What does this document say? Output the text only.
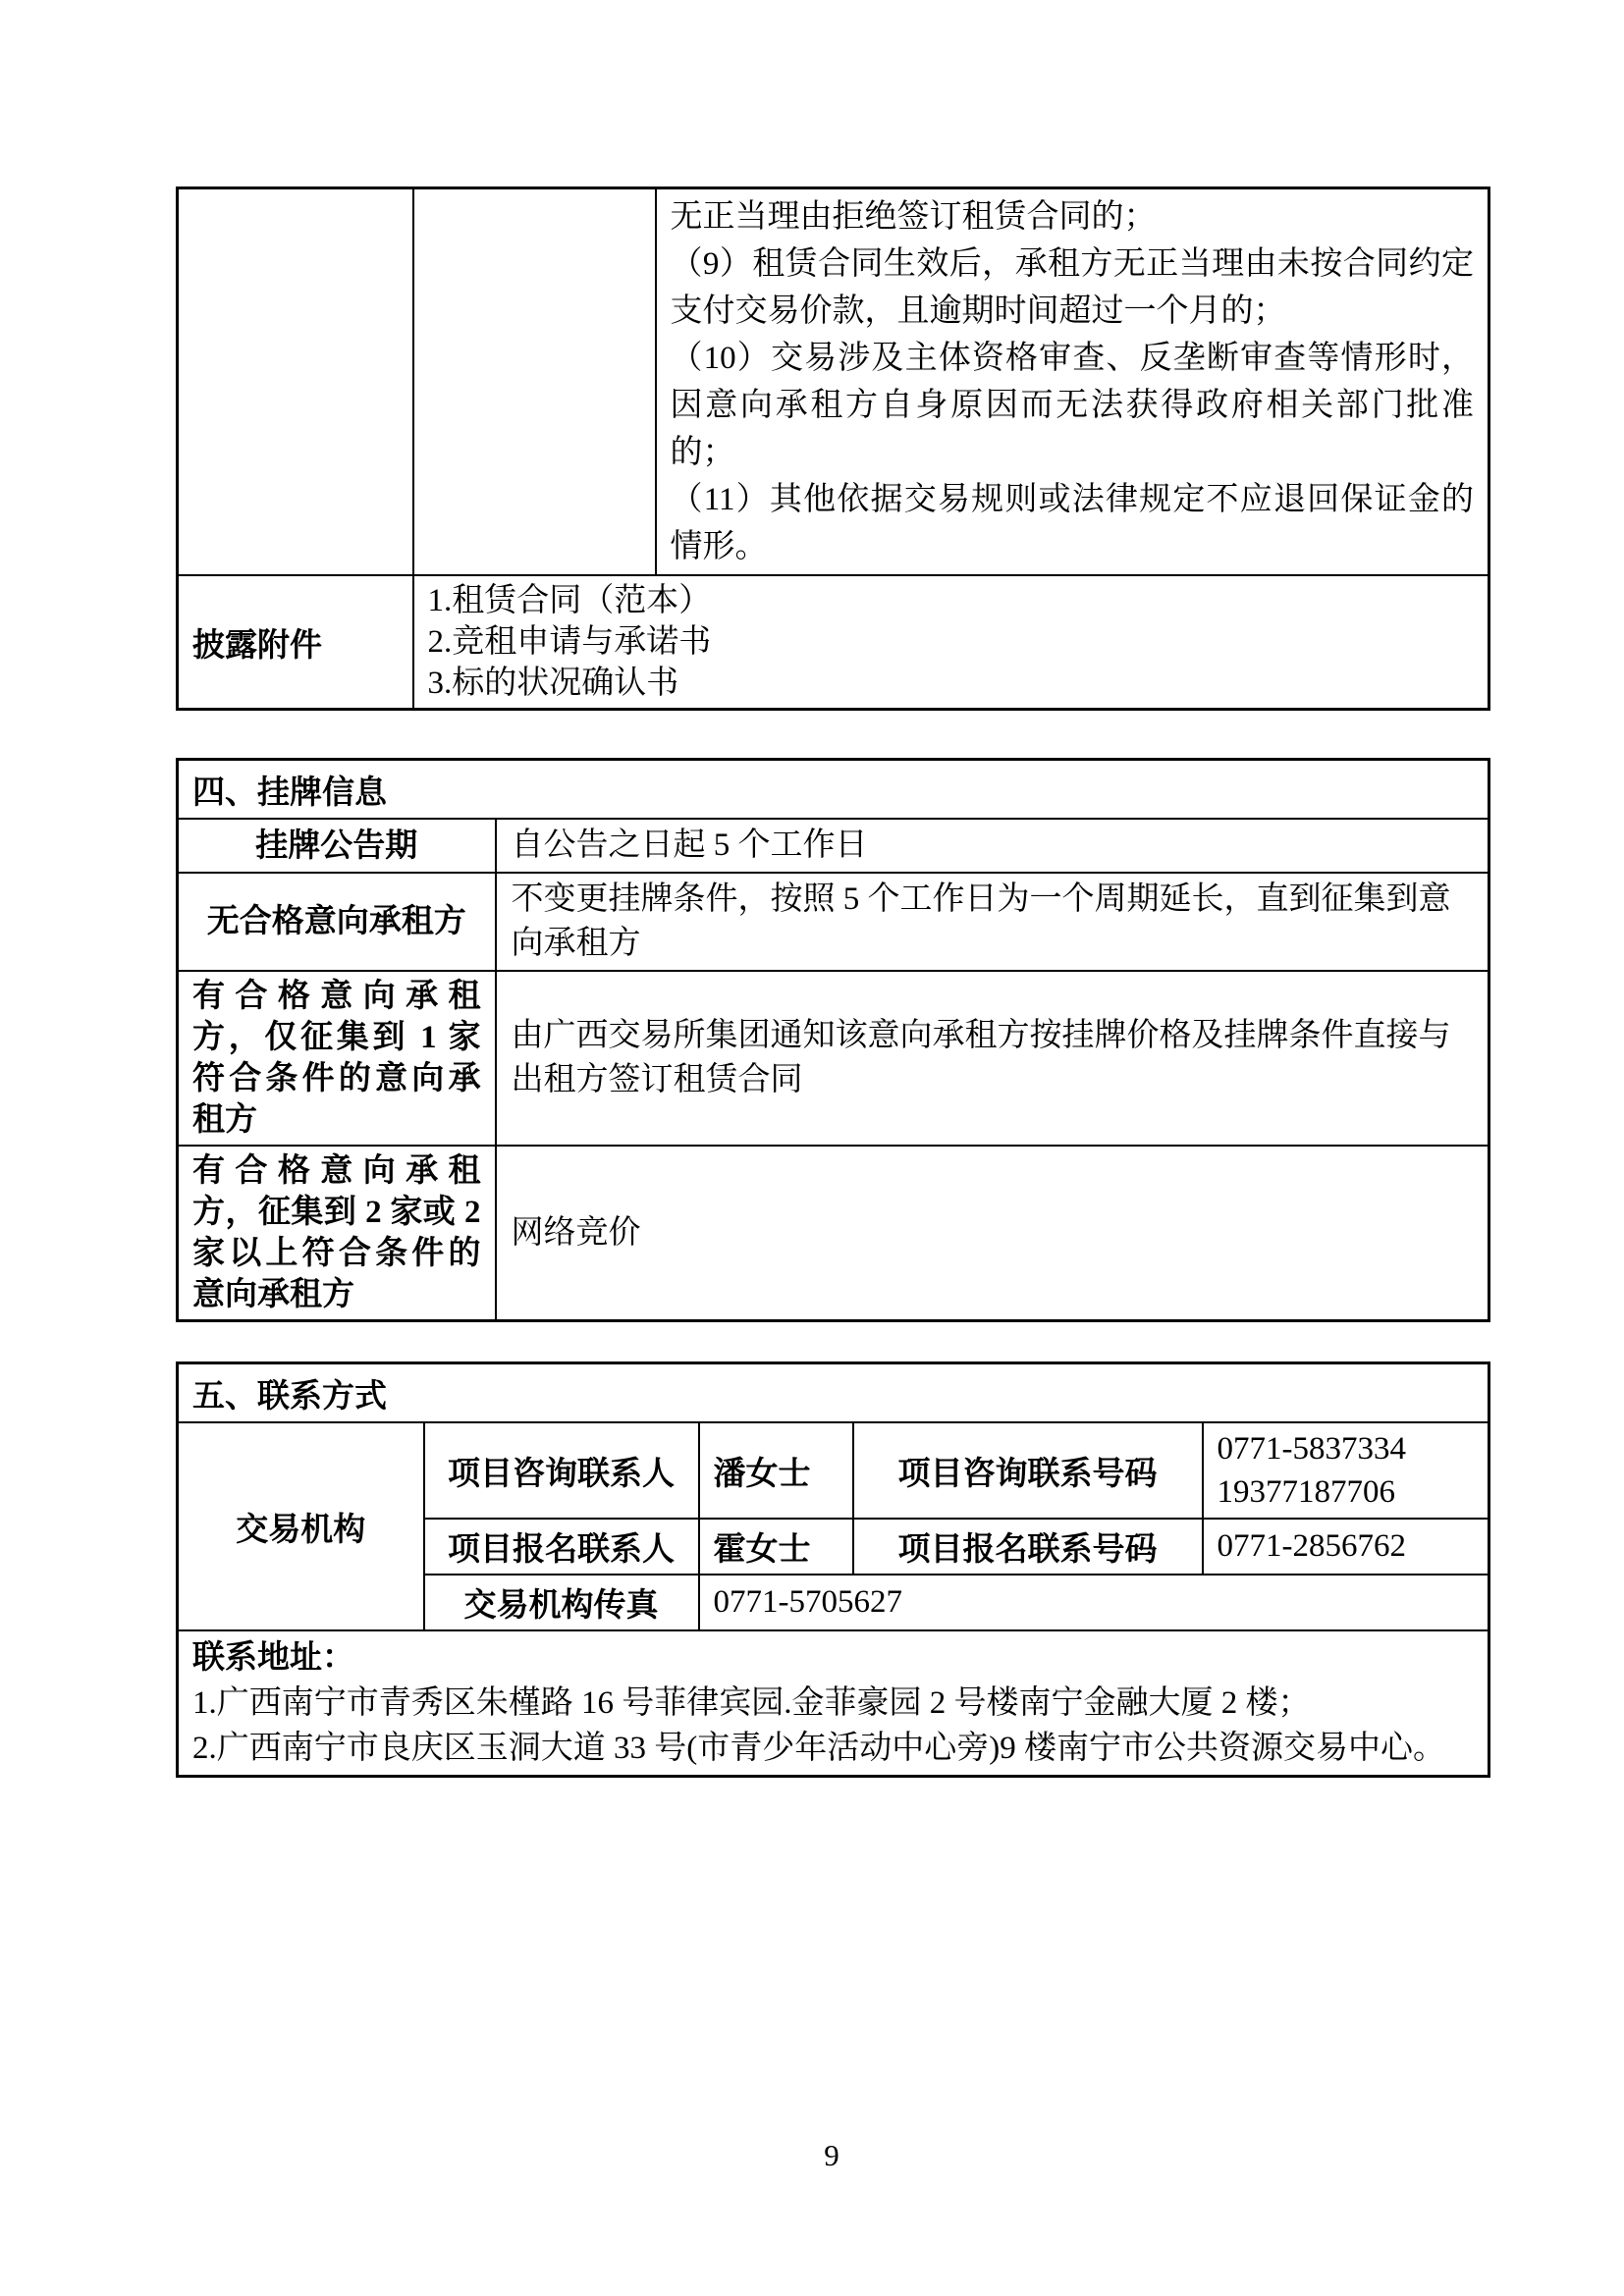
		无正当理由拒绝签订租赁合同的；

（9）租赁合同生效后，承租方无正当理由未按合同约定支付交易价款，且逾期时间超过一个月的；

（10）交易涉及主体资格审查、反垄断审查等情形时，因意向承租方自身原因而无法获得政府相关部门批准的；

（11）其他依据交易规则或法律规定不应退回保证金的情形。

披露附件	1.租赁合同（范本）

2.竞租申请与承诺书

3.标的状况确认书	

四、挂牌信息	
挂牌公告期	自公告之日起 5 个工作日
无合格意向承租方	不变更挂牌条件，按照 5 个工作日为一个周期延长，直到征集到意向承租方
有合格意向承租方，仅征集到 1 家符合条件的意向承租方	由广西交易所集团通知该意向承租方按挂牌价格及挂牌条件直接与出租方签订租赁合同
有合格意向承租方，征集到 2 家或 2 家以上符合条件的意向承租方	网络竞价
五、联系方式				
交易机构	项目咨询联系人	潘女士	项目咨询联系号码	0771-5837334

19377187706

	项目报名联系人	霍女士	项目报名联系号码	0771-2856762
	交易机构传真	0771-5705627		

联系地址：

1.广西南宁市青秀区朱槿路 16 号菲律宾园.金菲豪园 2 号楼南宁金融大厦 2 楼；

2.广西南宁市良庆区玉洞大道 33 号(市青少年活动中心旁)9 楼南宁市公共资源交易中心。				

9
